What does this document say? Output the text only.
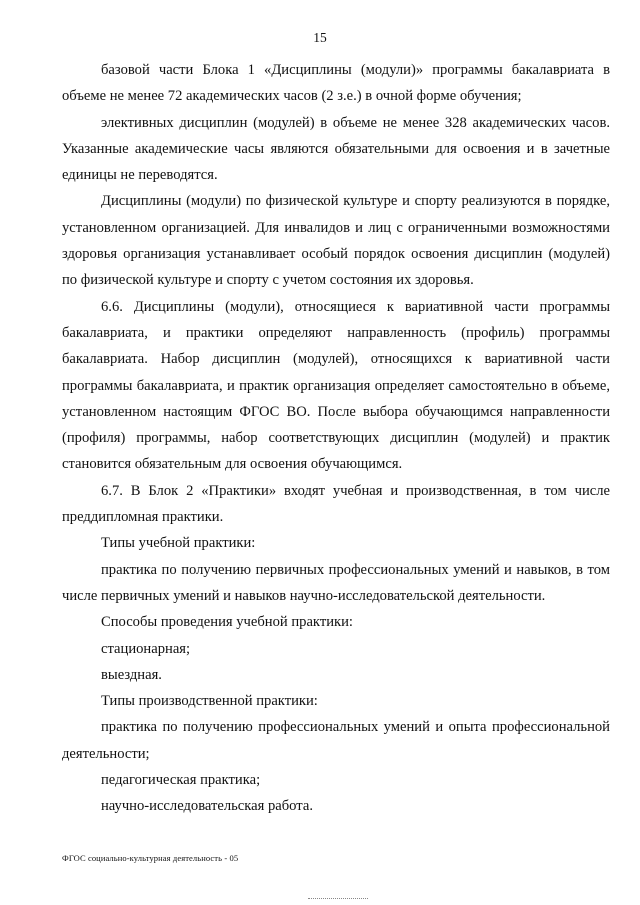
15

базовой части Блока 1 «Дисциплины (модули)» программы бакалавриата в объеме не менее 72 академических часов (2 з.е.) в очной форме обучения;

элективных дисциплин (модулей) в объеме не менее 328 академических часов. Указанные академические часы являются обязательными для освоения и в зачетные единицы не переводятся.

Дисциплины (модули) по физической культуре и спорту реализуются в порядке, установленном организацией. Для инвалидов и лиц с ограниченными возможностями здоровья организация устанавливает особый порядок освоения дисциплин (модулей) по физической культуре и спорту с учетом состояния их здоровья.

6.6. Дисциплины (модули), относящиеся к вариативной части программы бакалавриата, и практики определяют направленность (профиль) программы бакалавриата. Набор дисциплин (модулей), относящихся к вариативной части программы бакалавриата, и практик организация определяет самостоятельно в объеме, установленном настоящим ФГОС ВО. После выбора обучающимся направленности (профиля) программы, набор соответствующих дисциплин (модулей) и практик становится обязательным для освоения обучающимся.

6.7. В Блок 2 «Практики» входят учебная и производственная, в том числе преддипломная практики.

Типы учебной практики:

практика по получению первичных профессиональных умений и навыков, в том числе первичных умений и навыков научно-исследовательской деятельности.

Способы проведения учебной практики:

стационарная;

выездная.

Типы производственной практики:

практика по получению профессиональных умений и опыта профессиональной деятельности;

педагогическая практика;

научно-исследовательская работа.

ФГОС социально-культурная деятельность - 05
